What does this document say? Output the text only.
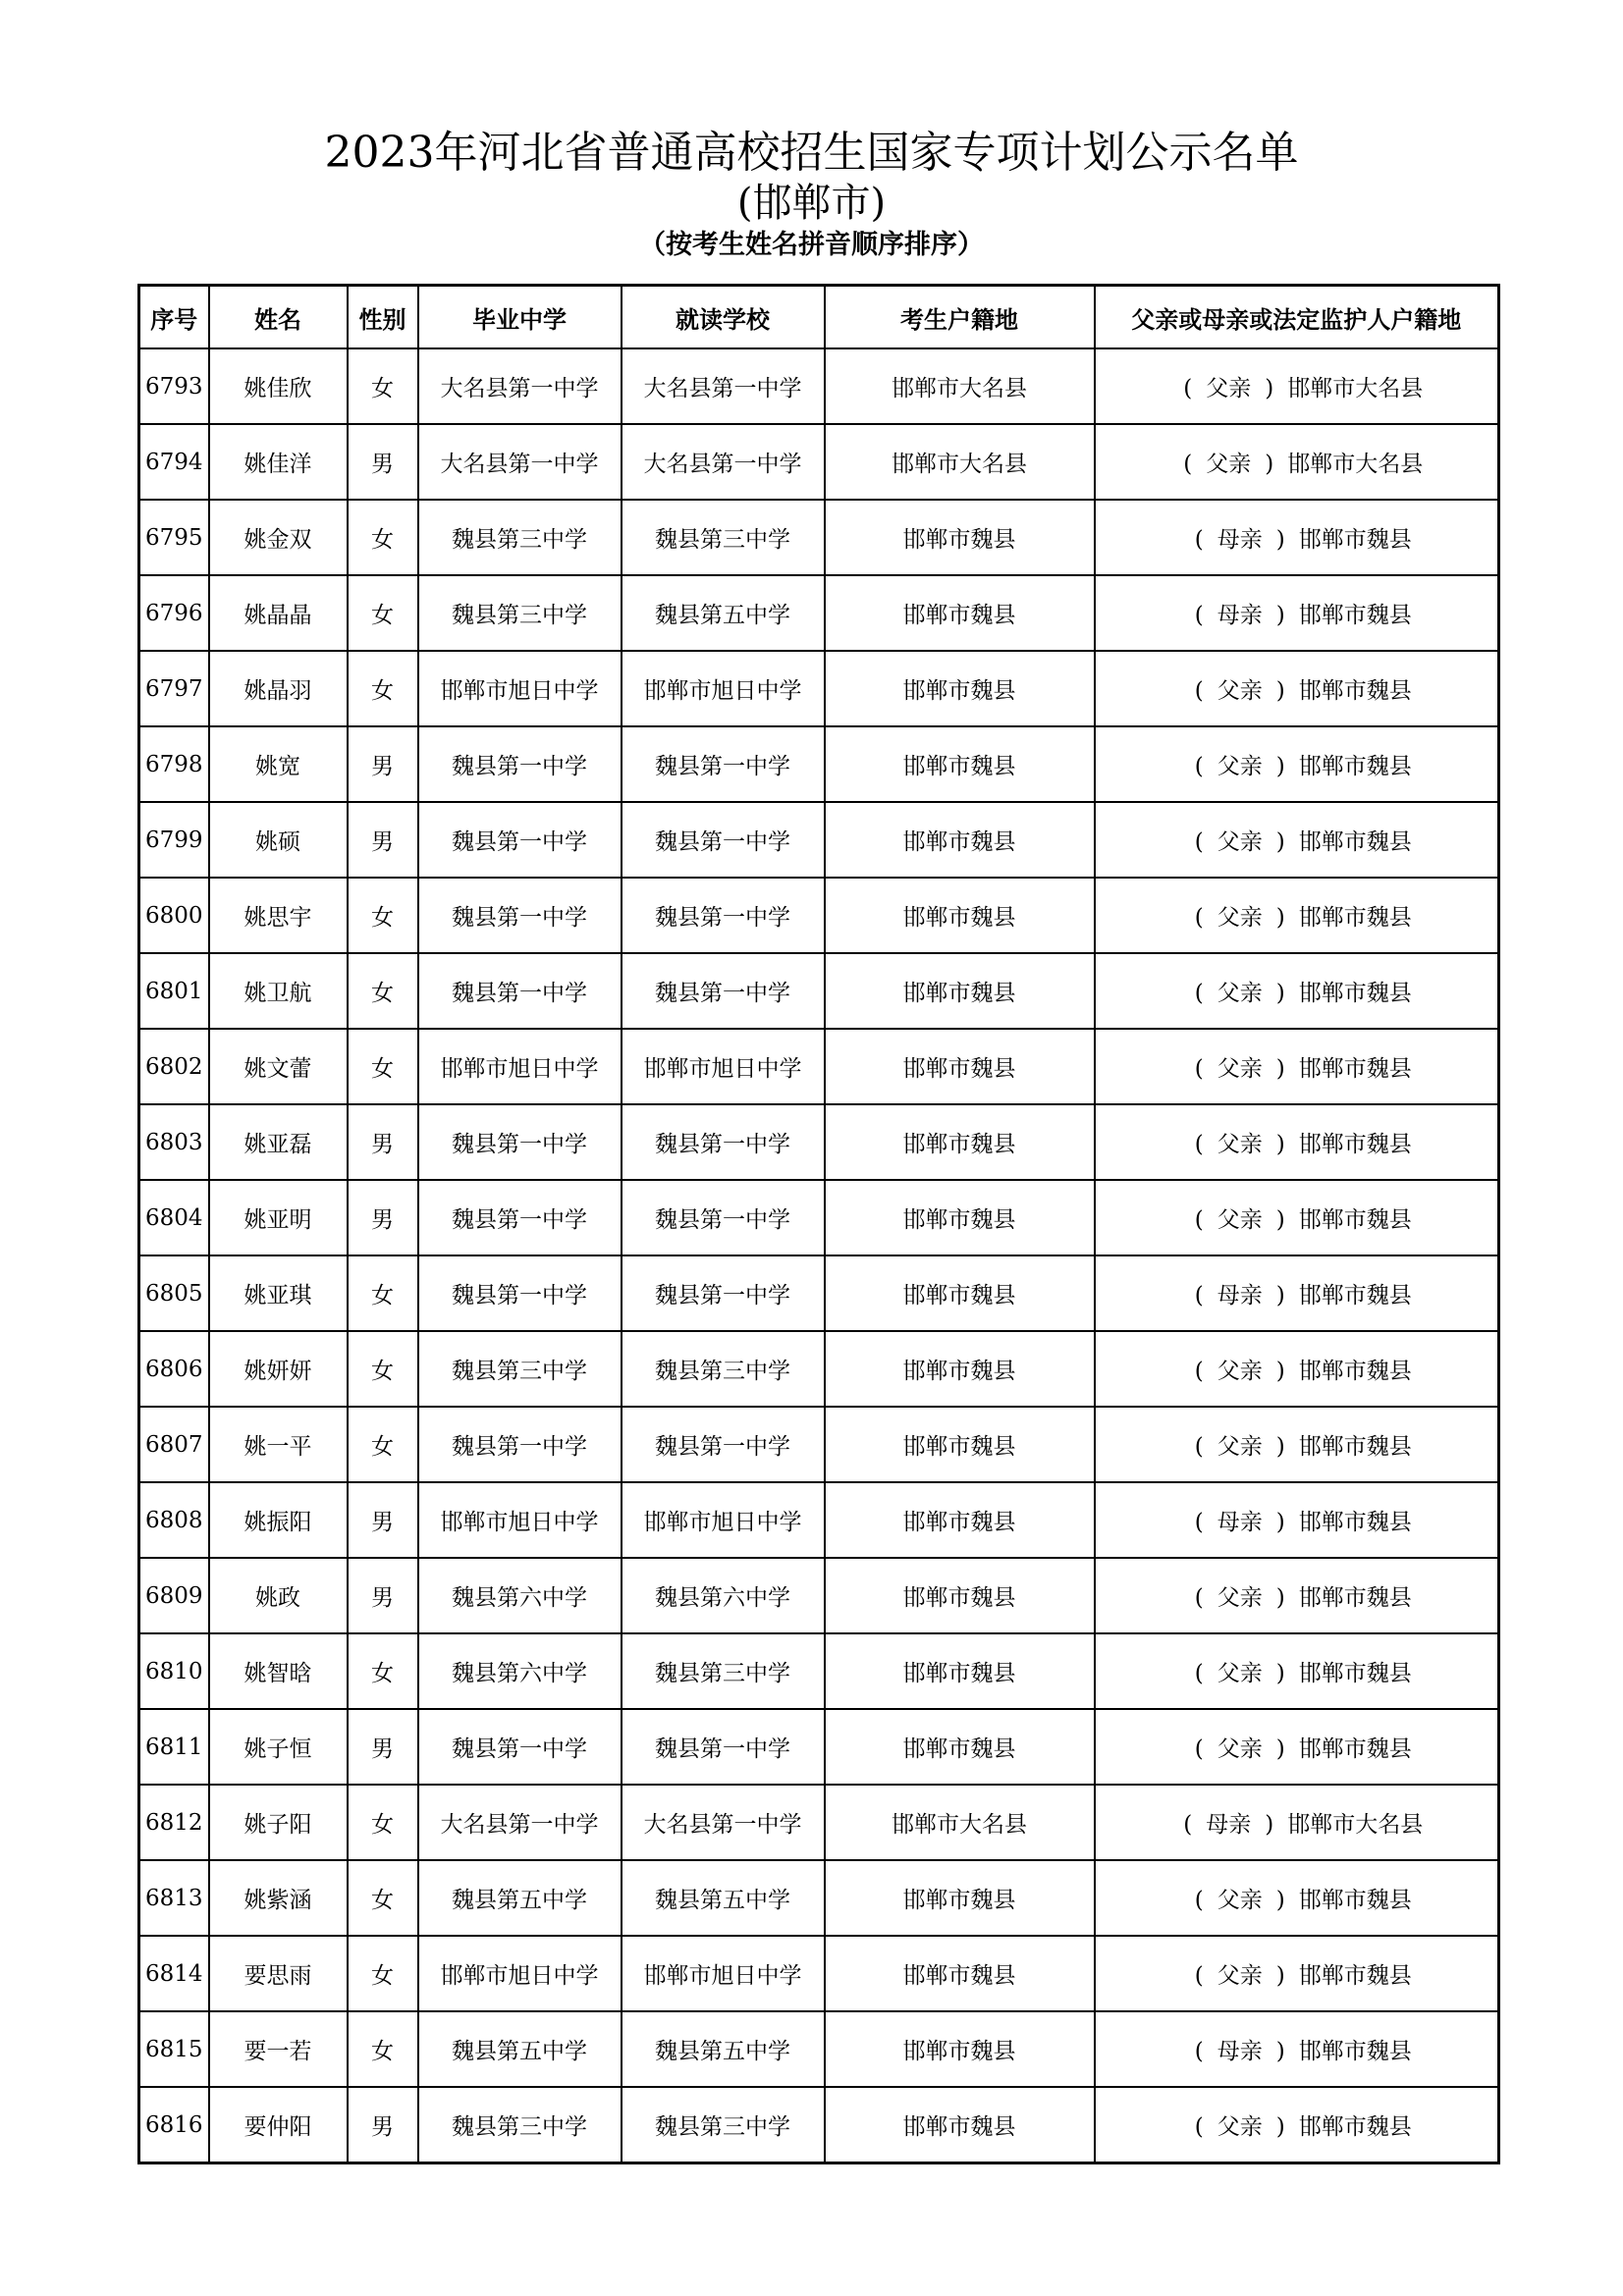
2023年河北省普通高校招生国家专项计划公示名单
(邯郸市)
（按考生姓名拼音顺序排序）
序号	姓名	性别	毕业中学	就读学校	考生户籍地	父亲或母亲或法定监护人户籍地
6793	姚佳欣	女	大名县第一中学	大名县第一中学	邯郸市大名县	( 父亲 ) 邯郸市大名县
6794	姚佳洋	男	大名县第一中学	大名县第一中学	邯郸市大名县	( 父亲 ) 邯郸市大名县
6795	姚金双	女	魏县第三中学	魏县第三中学	邯郸市魏县	( 母亲 ) 邯郸市魏县
6796	姚晶晶	女	魏县第三中学	魏县第五中学	邯郸市魏县	( 母亲 ) 邯郸市魏县
6797	姚晶羽	女	邯郸市旭日中学	邯郸市旭日中学	邯郸市魏县	( 父亲 ) 邯郸市魏县
6798	姚宽	男	魏县第一中学	魏县第一中学	邯郸市魏县	( 父亲 ) 邯郸市魏县
6799	姚硕	男	魏县第一中学	魏县第一中学	邯郸市魏县	( 父亲 ) 邯郸市魏县
6800	姚思宇	女	魏县第一中学	魏县第一中学	邯郸市魏县	( 父亲 ) 邯郸市魏县
6801	姚卫航	女	魏县第一中学	魏县第一中学	邯郸市魏县	( 父亲 ) 邯郸市魏县
6802	姚文蕾	女	邯郸市旭日中学	邯郸市旭日中学	邯郸市魏县	( 父亲 ) 邯郸市魏县
6803	姚亚磊	男	魏县第一中学	魏县第一中学	邯郸市魏县	( 父亲 ) 邯郸市魏县
6804	姚亚明	男	魏县第一中学	魏县第一中学	邯郸市魏县	( 父亲 ) 邯郸市魏县
6805	姚亚琪	女	魏县第一中学	魏县第一中学	邯郸市魏县	( 母亲 ) 邯郸市魏县
6806	姚妍妍	女	魏县第三中学	魏县第三中学	邯郸市魏县	( 父亲 ) 邯郸市魏县
6807	姚一平	女	魏县第一中学	魏县第一中学	邯郸市魏县	( 父亲 ) 邯郸市魏县
6808	姚振阳	男	邯郸市旭日中学	邯郸市旭日中学	邯郸市魏县	( 母亲 ) 邯郸市魏县
6809	姚政	男	魏县第六中学	魏县第六中学	邯郸市魏县	( 父亲 ) 邯郸市魏县
6810	姚智晗	女	魏县第六中学	魏县第三中学	邯郸市魏县	( 父亲 ) 邯郸市魏县
6811	姚子恒	男	魏县第一中学	魏县第一中学	邯郸市魏县	( 父亲 ) 邯郸市魏县
6812	姚子阳	女	大名县第一中学	大名县第一中学	邯郸市大名县	( 母亲 ) 邯郸市大名县
6813	姚紫涵	女	魏县第五中学	魏县第五中学	邯郸市魏县	( 父亲 ) 邯郸市魏县
6814	要思雨	女	邯郸市旭日中学	邯郸市旭日中学	邯郸市魏县	( 父亲 ) 邯郸市魏县
6815	要一若	女	魏县第五中学	魏县第五中学	邯郸市魏县	( 母亲 ) 邯郸市魏县
6816	要仲阳	男	魏县第三中学	魏县第三中学	邯郸市魏县	( 父亲 ) 邯郸市魏县
